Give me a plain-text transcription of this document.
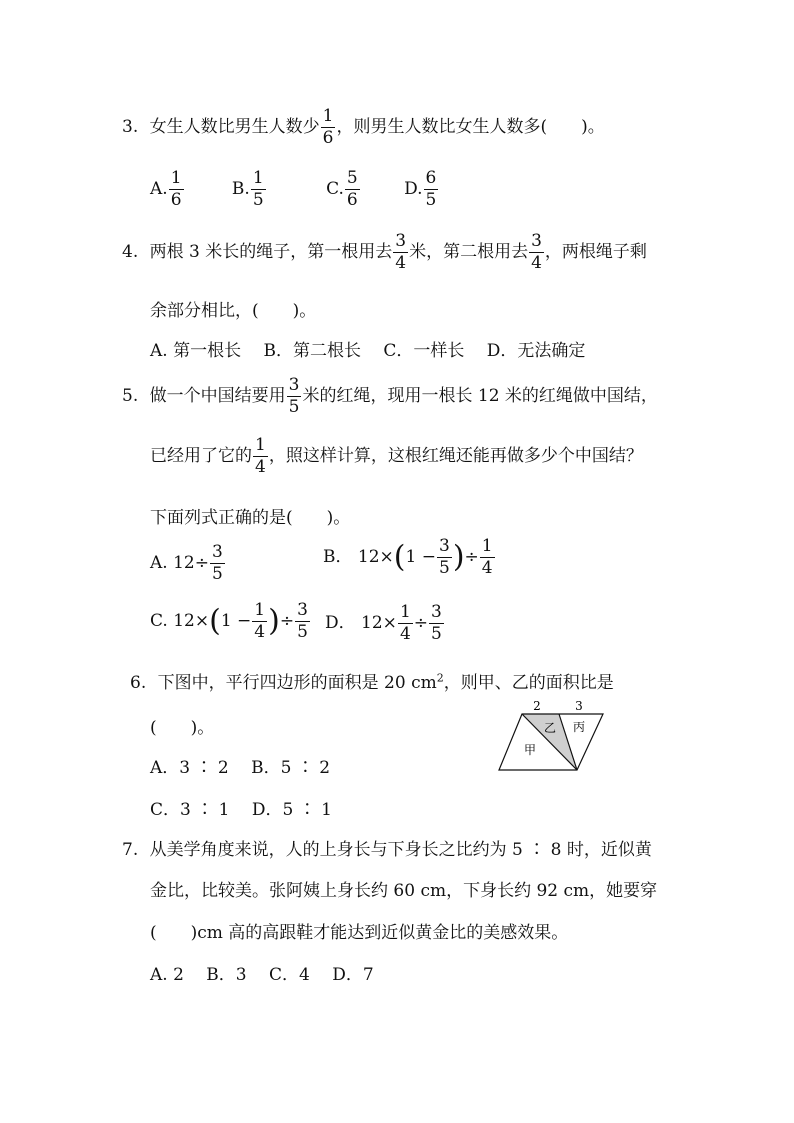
3. 女生人数比男生人数少 $\frac{1}{6}$ ，则男生人数比女生人数多(　　)。
A. $\frac{1}{6}$	B. $\frac{1}{5}$	C. $\frac{5}{6}$	D. $\frac{6}{5}$
4. 两根 3 米长的绳子，第一根用去 $\frac{3}{4}$ 米，第二根用去 $\frac{3}{4}$ ，两根绳子剩
余部分相比，(　　)。
A. 第一根长　 B．第二根长　 C．一样长　 D．无法确定
5. 做一个中国结要用 $\frac{3}{5}$ 米的红绳，现用一根长 12 米的红绳做中国结，
已经用了它的 $\frac{1}{4}$ ，照这样计算，这根红绳还能再做多少个中国结？
下面列式正确的是(　　)。
A. $12\div \frac{3}{5}$	B． $12\times(1 - \frac{3}{5}$ )÷ $\frac{1}{4}$
C. $12\times(1 - \frac{1}{4}$ )÷ $\frac{3}{5}$ D． $12\times \frac{1}{4} \div \frac{3}{5}$
6. 下图中，平行四边形的面积是 20 $cm^2$，则甲、乙的面积比是
(　　)。
A．3 ∶ 2　 B．5 ∶ 2
C．3 ∶ 1　 D．5 ∶ 1
2	3
乙 丙
甲
7. 从美学角度来说，人的上身长与下身长之比约为 5 ∶ 8 时，近似黄
金比，比较美。张阿姨上身长约 60 cm，下身长约 92 cm，她要穿
(　　)cm 高的高跟鞋才能达到近似黄金比的美感效果。
A. 2　 B．3　 C．4　 D．7
